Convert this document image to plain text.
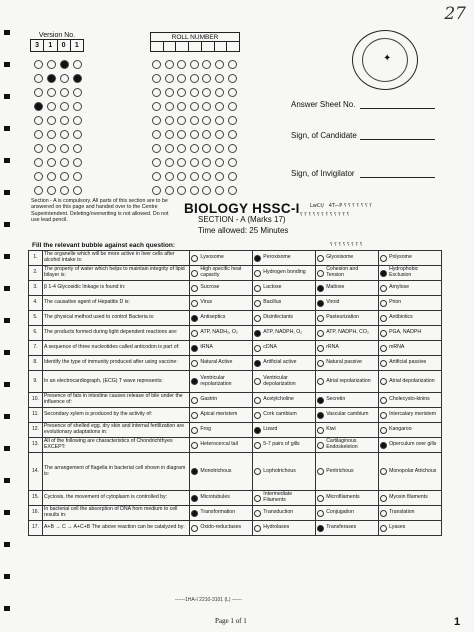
27
Version No.
3	1	0	1
ROLL NUMBER
✦
Answer Sheet No.
Sign, of Candidate
Sign, of Invigilator
Section - A is compulsory. All parts of this section are to be answered on this page and handed over to the Centre Superintendent. Deleting/overwriting is not allowed. Do not use lead pencil.
BIOLOGY HSSC-I
SECTION - A (Marks 17)
Time allowed: 25 Minutes
LwCt/   4T⌐P ؟ ؟ ؟ ؟ ؟ ؟ ؟
؟ ؟ ؟ ؟ ؟ ؟ ؟ ؟ ؟ ؟ ؟ ؟
؟ ؟ ؟ ؟ ؟ ؟ ؟ ؟
Fill the relevant bubble against each question:
1.	The organelle which will be more active in liver cells after alcohol intake is:	Lysosome	Peroxisome	Glyoxisome	Polysome

2.	The property of water which helps to maintain integrity of lipid bilayer is:	High specific heat capacity	Hydrogen bonding	Cohesion and Tension	Hydrophobic Exclusion

3.	β 1-4 Glycosidic linkage is found in:	Sucrose	Lactose	Maltose	Amylose

4.	The causative agent of Hepatitis D is:	Virus	Bacillus	Viroid	Prion

5.	The physical method used to control Bacteria is:	Antiseptics	Disinfectants	Pasteurization	Antibiotics

6.	The products formed during light dependent reactions are:	ATP, NADH₂, O₂	ATP, NADPH, O₂	ATP, NADPH, CO₂	PGA, NADPH

7.	A sequence of three nucleotides called anticodon is part of:	tRNA	cDNA	rRNA	mRNA

8.	Identify the type of immunity produced after using vaccine:	Natural Active	Artificial active	Natural passive	Artificial passive

9.	In an electrocardiograph, (ECG) T wave represents:	Ventricular repolarization	Ventricular depolarization	Atrial repolarization	Atrial depolarization

10.	Presence of fats in intestine causes release of bile under the influence of:	Gastrin	Acetylcholine	Secretin	Cholecysto-kinins

11.	Secondary xylem is produced by the activity of:	Apical meristem	Cork cambium	Vascular cambium	Intercalary meristem

12.	Presence of shelled egg, dry skin and internal fertilization are evolutionary adaptations in:	Frog	Lizard	Kiwi	Kangaroo

13.	All of the following are characteristics of Chondrichthyes EXCEPT:	Heterocercal tail	5-7 pairs of gills	Cartilaginous Endoskeleton	Operculum over gills

14.	The arrangement of flagella in bacterial cell shown in diagram is:	Monotrichous	Lophotrichous	Peritrichous	Monopolar Atrichous

15.	Cyclosis, the movement of cytoplasm is controlled by:	Microtubules	Intermediate Filaments	Microfilaments	Myosin filaments

16.	In bacterial cell the absorption of DNA from medium to cell results in:	Transformation	Transduction	Conjugation	Translation

17.	A+B → C → A+C+B The above reaction can be catalyzed by:	Oxido-reductases	Hydrolases	Transferases	Lyases
------1HA-I 2210-3101 (L) ------
Page 1 of 1	1
